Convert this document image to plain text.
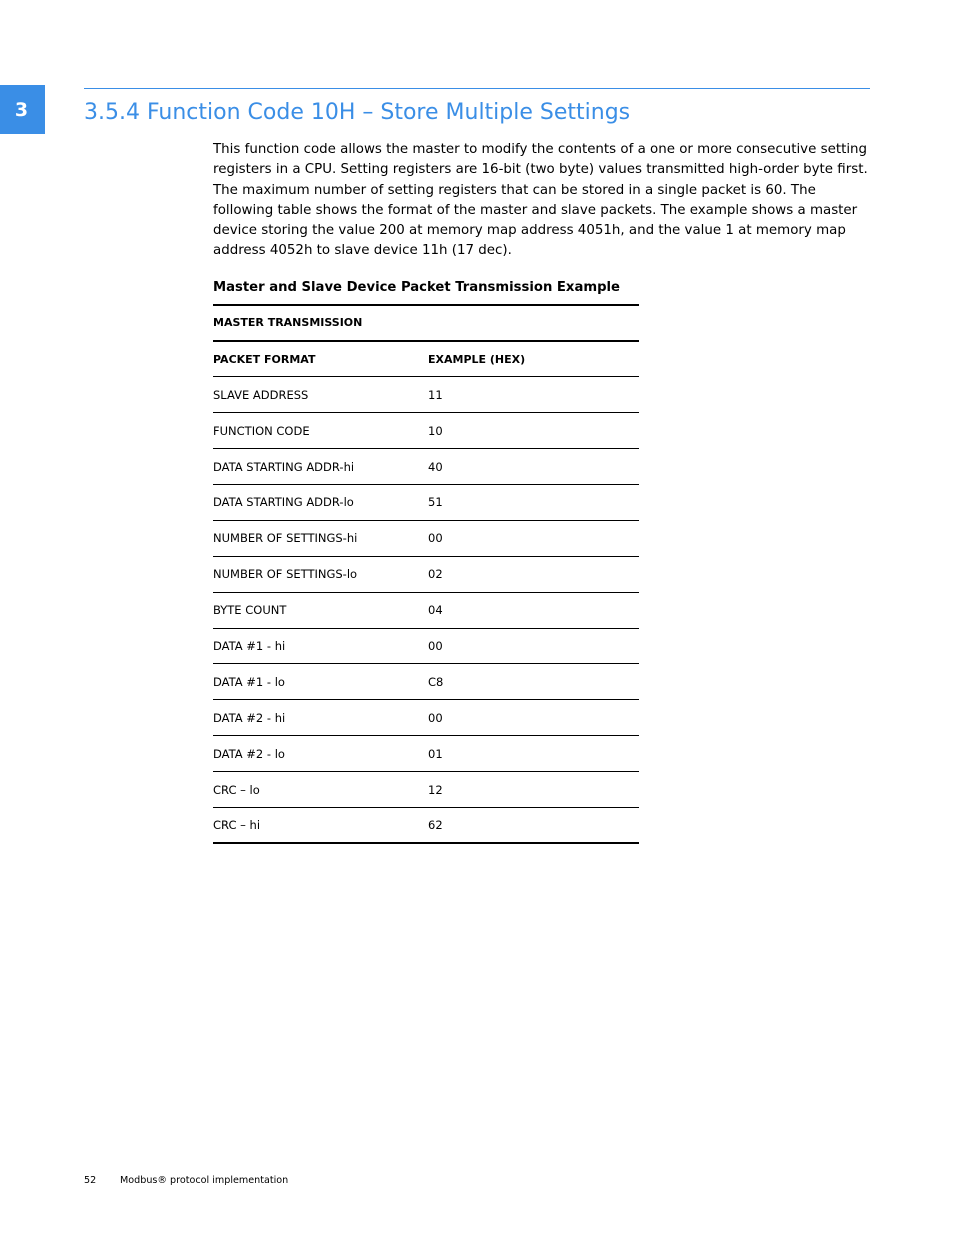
3	3.5.4 Function Code 10H – Store Multiple Settings

This function code allows the master to modify the contents of a one or more consecutive setting registers in a CPU. Setting registers are 16-bit (two byte) values transmitted high-order byte first. The maximum number of setting registers that can be stored in a single packet is 60. The following table shows the format of the master and slave packets. The example shows a master device storing the value 200 at memory map address 4051h, and the value 1 at memory map address 4052h to slave device 11h (17 dec).

Master and Slave Device Packet Transmission Example

MASTER TRANSMISSION	
PACKET FORMAT	EXAMPLE (HEX)
SLAVE ADDRESS	11
FUNCTION CODE	10
DATA STARTING ADDR-hi	40
DATA STARTING ADDR-lo	51
NUMBER OF SETTINGS-hi	00
NUMBER OF SETTINGS-lo	02
BYTE COUNT	04
DATA #1 - hi	00
DATA #1 - lo	C8
DATA #2 - hi	00
DATA #2 - lo	01
CRC – lo	12
CRC – hi	62
52 Modbus® protocol implementation
